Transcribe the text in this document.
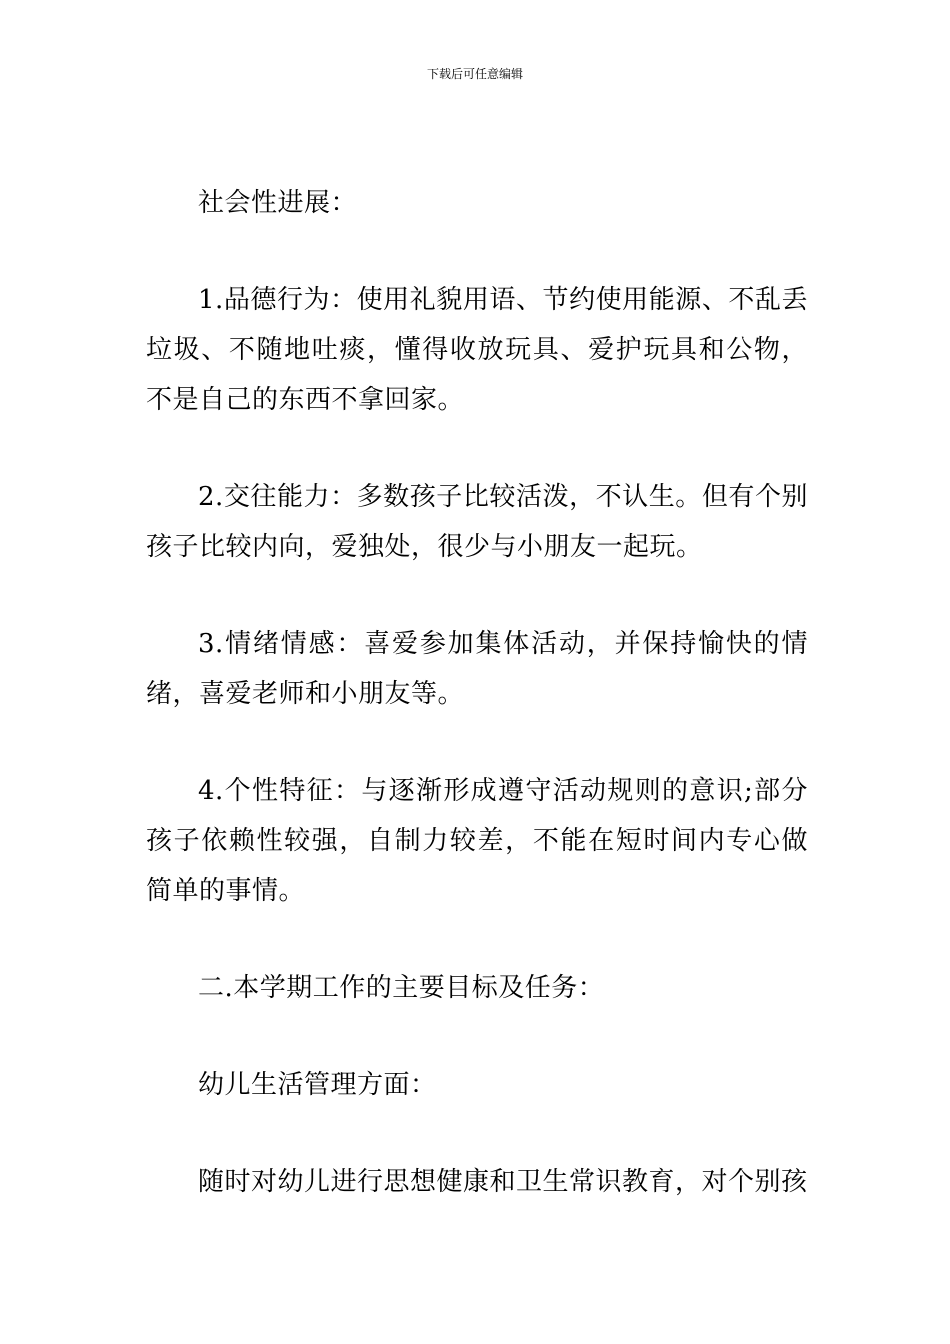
下载后可任意编辑

社会性进展：

1.品德行为：使用礼貌用语、节约使用能源、不乱丢垃圾、不随地吐痰，懂得收放玩具、爱护玩具和公物，不是自己的东西不拿回家。

2.交往能力：多数孩子比较活泼，不认生。但有个别孩子比较内向，爱独处，很少与小朋友一起玩。

3.情绪情感：喜爱参加集体活动，并保持愉快的情绪，喜爱老师和小朋友等。

4.个性特征：与逐渐形成遵守活动规则的意识;部分孩子依赖性较强，自制力较差，不能在短时间内专心做简单的事情。

二.本学期工作的主要目标及任务：

幼儿生活管理方面：

随时对幼儿进行思想健康和卫生常识教育，对个别孩
